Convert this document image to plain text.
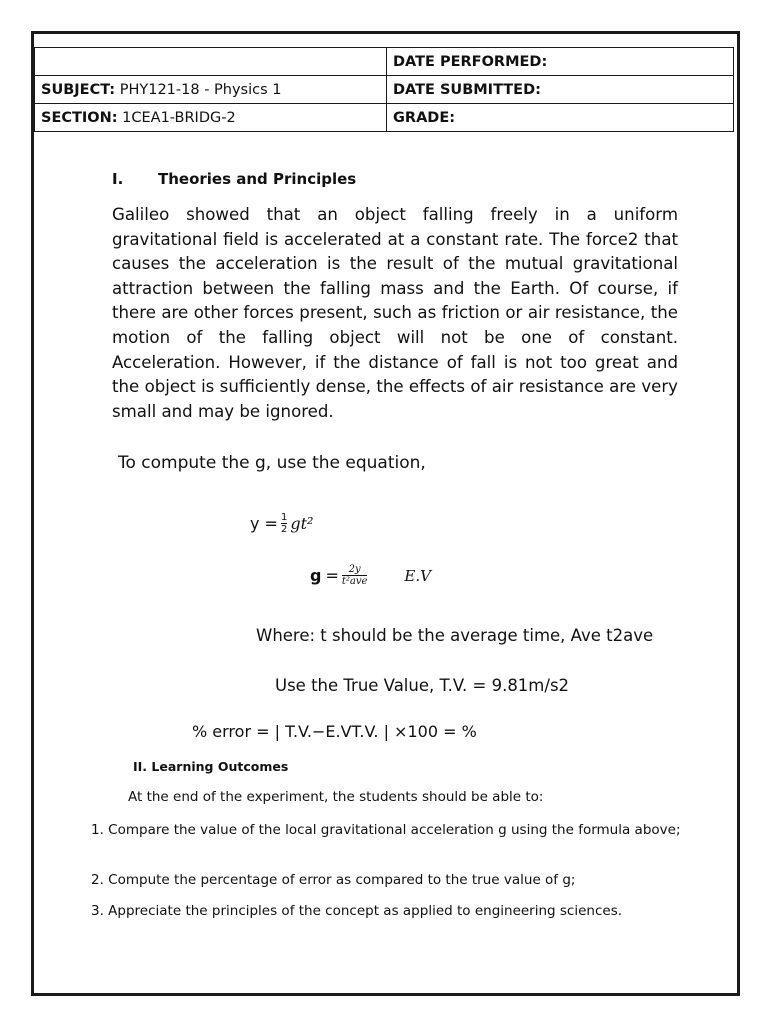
	DATE PERFORMED:
SUBJECT: PHY121-18 - Physics 1	DATE SUBMITTED:
SECTION: 1CEA1-BRIDG-2	GRADE:
I. Theories and Principles
Galileo showed that an object falling freely in a uniform gravitational field is accelerated at a constant rate. The force2 that causes the acceleration is the result of the mutual gravitational attraction between the falling mass and the Earth. Of course, if there are other forces present, such as friction or air resistance, the motion of the falling object will not be one of constant. Acceleration. However, if the distance of fall is not too great and the object is sufficiently dense, the effects of air resistance are very small and may be ignored.
To compute the g, use the equation,
$y = \frac{1}{2} gt^2$
$g = \frac{2y}{\text{t²ave}} E.V$
Where: t should be the average time, Ave t2ave
Use the True Value, T.V. = 9.81m/s2
% error = | T.V.−E.VT.V. | ×100 = %
II. Learning Outcomes
At the end of the experiment, the students should be able to:
1. Compare the value of the local gravitational acceleration g using the formula above;
2. Compute the percentage of error as compared to the true value of g;
3. Appreciate the principles of the concept as applied to engineering sciences.
